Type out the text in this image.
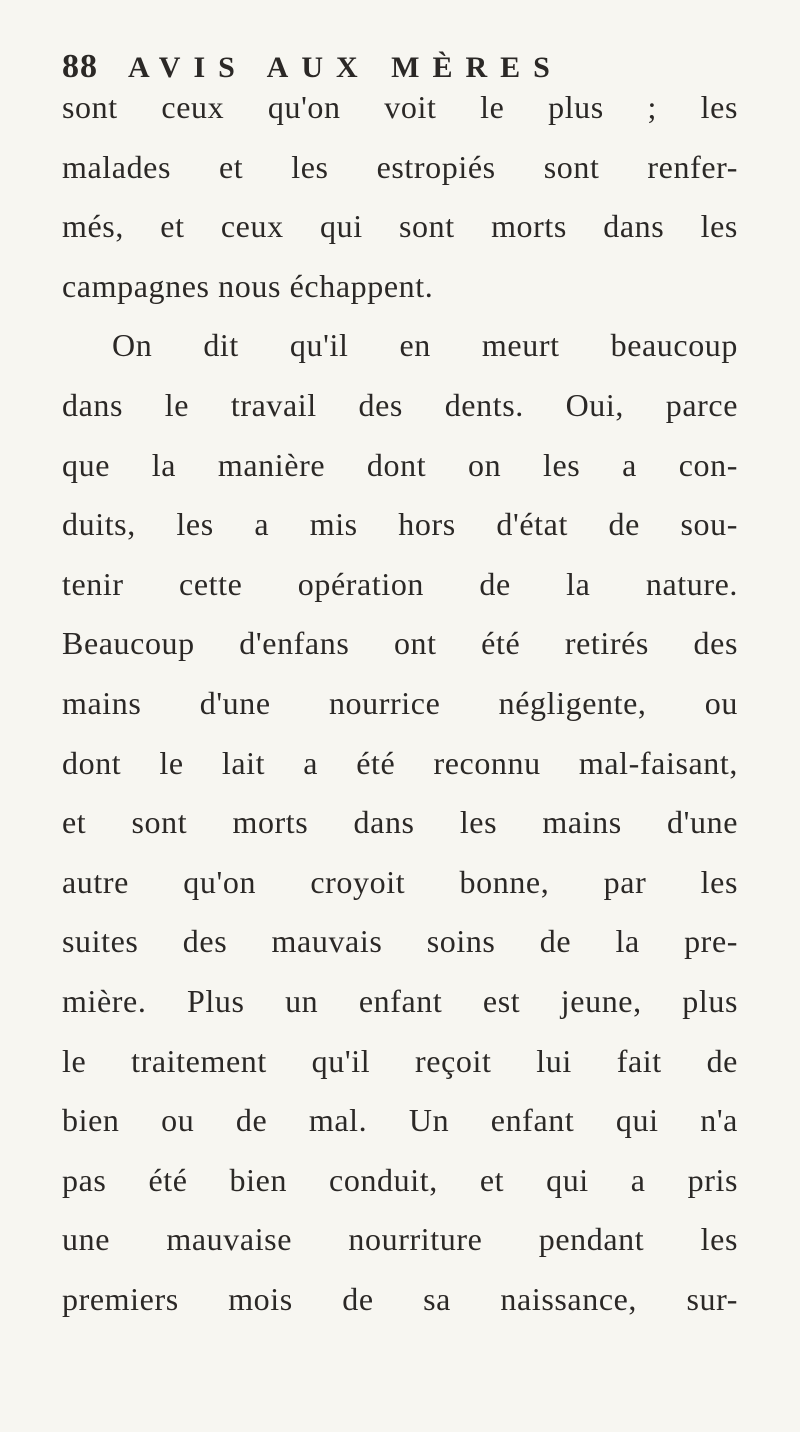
88 AVIS AUX MÈRES
sont ceux qu'on voit le plus ; les
malades et les estropiés sont renfer-
més, et ceux qui sont morts dans les
campagnes nous échappent.
On dit qu'il en meurt beaucoup
dans le travail des dents. Oui, parce
que la manière dont on les a con-
duits, les a mis hors d'état de sou-
tenir cette opération de la nature.
Beaucoup d'enfans ont été retirés des
mains d'une nourrice négligente, ou
dont le lait a été reconnu mal-faisant,
et sont morts dans les mains d'une
autre qu'on croyoit bonne, par les
suites des mauvais soins de la pre-
mière. Plus un enfant est jeune, plus
le traitement qu'il reçoit lui fait de
bien ou de mal. Un enfant qui n'a
pas été bien conduit, et qui a pris
une mauvaise nourriture pendant les
premiers mois de sa naissance, sur-
